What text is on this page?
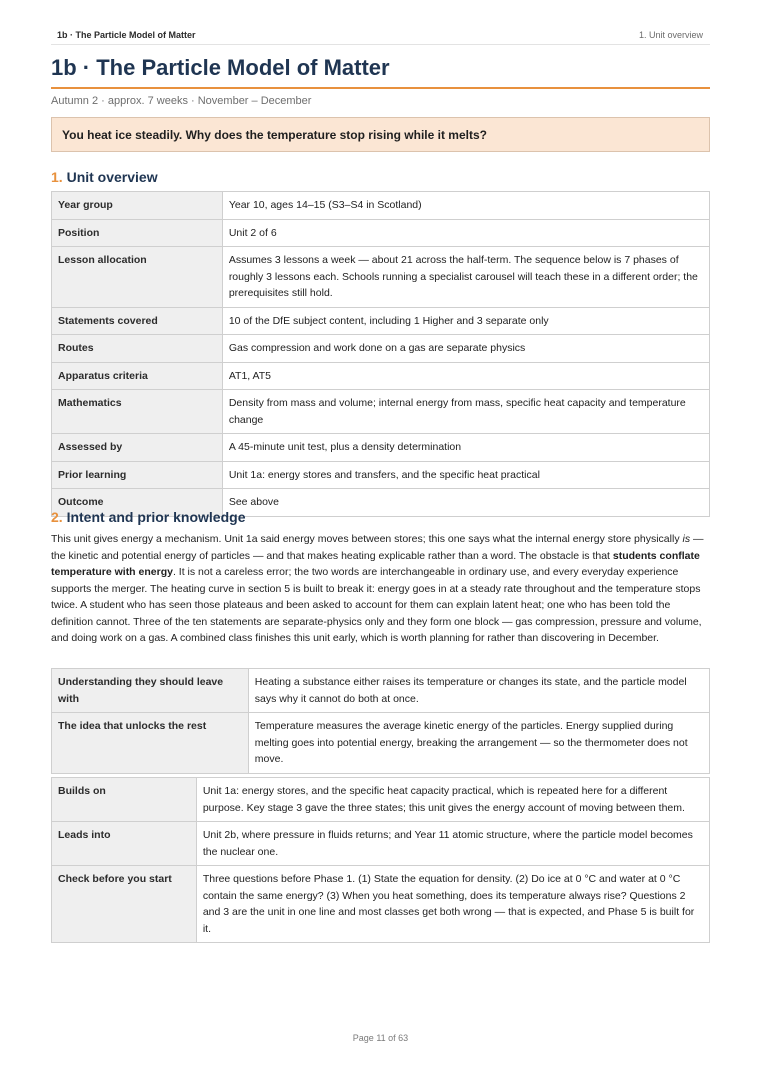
1b · The Particle Model of Matter	1. Unit overview
1b · The Particle Model of Matter
Autumn 2 · approx. 7 weeks · November – December
You heat ice steadily. Why does the temperature stop rising while it melts?
1. Unit overview
Year group	Year 10, ages 14–15 (S3–S4 in Scotland)
Position	Unit 2 of 6
Lesson allocation	Assumes 3 lessons a week — about 21 across the half-term. The sequence below is 7 phases of roughly 3 lessons each. Schools running a specialist carousel will teach these in a different order; the prerequisites still hold.
Statements covered	10 of the DfE subject content, including 1 Higher and 3 separate only
Routes	Gas compression and work done on a gas are separate physics
Apparatus criteria	AT1, AT5
Mathematics	Density from mass and volume; internal energy from mass, specific heat capacity and temperature change
Assessed by	A 45-minute unit test, plus a density determination
Prior learning	Unit 1a: energy stores and transfers, and the specific heat practical
Outcome	See above
2. Intent and prior knowledge

This unit gives energy a mechanism. Unit 1a said energy moves between stores; this one says what the internal energy store physically is — the kinetic and potential energy of particles — and that makes heating explicable rather than a word. The obstacle is that students conflate temperature with energy. It is not a careless error; the two words are interchangeable in ordinary use, and every everyday experience supports the merger. The heating curve in section 5 is built to break it: energy goes in at a steady rate throughout and the temperature stops twice. A student who has seen those plateaus and been asked to account for them can explain latent heat; one who has been told the definition cannot. Three of the ten statements are separate-physics only and they form one block — gas compression, pressure and volume, and doing work on a gas. A combined class finishes this unit early, which is worth planning for rather than discovering in December.

Understanding they should leave with	Heating a substance either raises its temperature or changes its state, and the particle model says why it cannot do both at once.
The idea that unlocks the rest	Temperature measures the average kinetic energy of the particles. Energy supplied during melting goes into potential energy, breaking the arrangement — so the thermometer does not move.
Builds on	Unit 1a: energy stores, and the specific heat capacity practical, which is repeated here for a different purpose. Key stage 3 gave the three states; this unit gives the energy account of moving between them.
Leads into	Unit 2b, where pressure in fluids returns; and Year 11 atomic structure, where the particle model becomes the nuclear one.
Check before you start	Three questions before Phase 1. (1) State the equation for density. (2) Do ice at 0 °C and water at 0 °C contain the same energy? (3) When you heat something, does its temperature always rise? Questions 2 and 3 are the unit in one line and most classes get both wrong — that is expected, and Phase 5 is built for it.
Page 11 of 63
